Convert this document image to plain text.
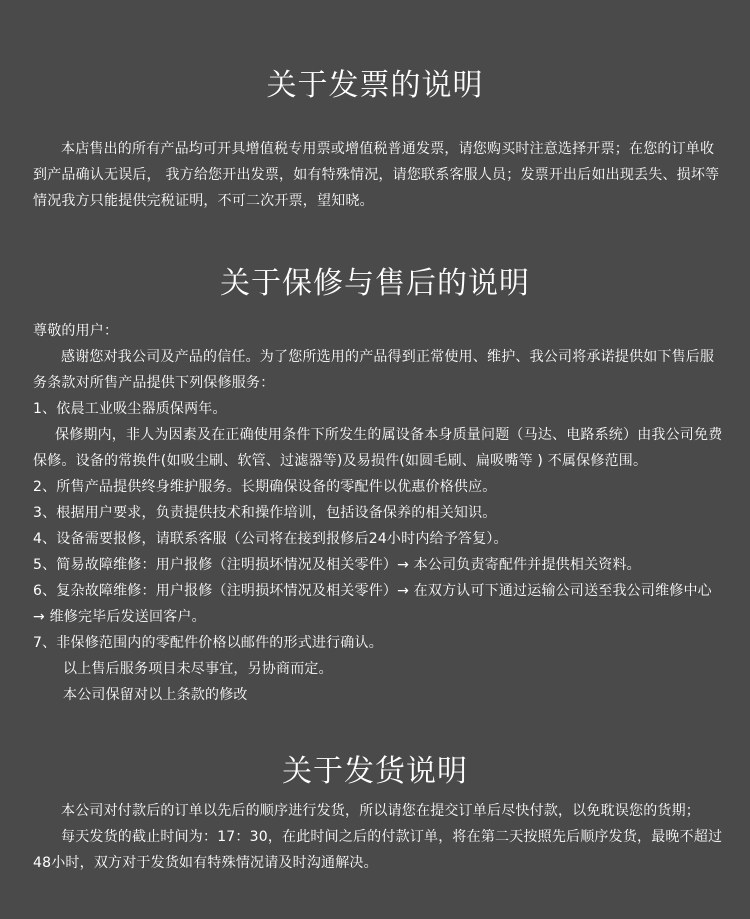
关于发票的说明

本店售出的所有产品均可开具增值税专用票或增值税普通发票，请您购买时注意选择开票；在您的订单收到产品确认无误后， 我方给您开出发票，如有特殊情况，请您联系客服人员；发票开出后如出现丢失、损坏等情况我方只能提供完税证明，不可二次开票，望知晓。

关于保修与售后的说明

尊敬的用户：

感谢您对我公司及产品的信任。为了您所选用的产品得到正常使用、维护、我公司将承诺提供如下售后服务条款对所售产品提供下列保修服务：

1、依晨工业吸尘器质保两年。

保修期内，非人为因素及在正确使用条件下所发生的属设备本身质量问题（马达、电路系统）由我公司免费保修。设备的常换件(如吸尘刷、软管、过滤器等)及易损件(如圆毛刷、扁吸嘴等 ) 不属保修范围。

2、所售产品提供终身维护服务。长期确保设备的零配件以优惠价格供应。

3、根据用户要求，负责提供技术和操作培训，包括设备保养的相关知识。

4、设备需要报修，请联系客服（公司将在接到报修后24小时内给予答复）。

5、简易故障维修：用户报修（注明损坏情况及相关零件）→ 本公司负责寄配件并提供相关资料。

6、复杂故障维修：用户报修（注明损坏情况及相关零件）→ 在双方认可下通过运输公司送至我公司维修中心→ 维修完毕后发送回客户。

7、非保修范围内的零配件价格以邮件的形式进行确认。

以上售后服务项目未尽事宜，另协商而定。

本公司保留对以上条款的修改

关于发货说明

本公司对付款后的订单以先后的顺序进行发货，所以请您在提交订单后尽快付款，以免耽误您的货期；

每天发货的截止时间为：17：30，在此时间之后的付款订单，将在第二天按照先后顺序发货，最晚不超过48小时，双方对于发货如有特殊情况请及时沟通解决。
